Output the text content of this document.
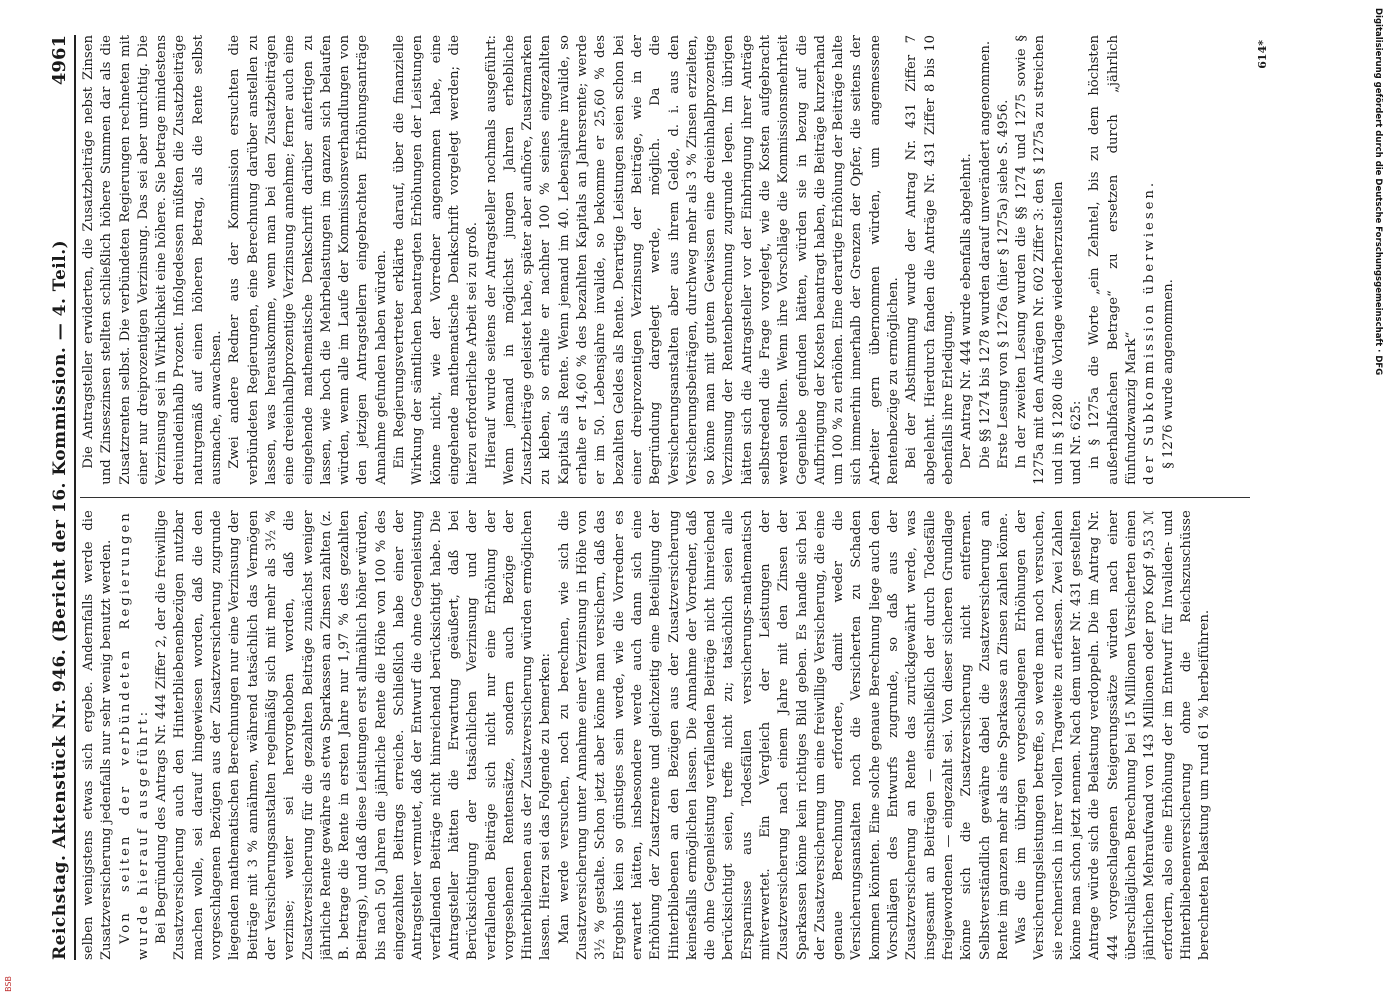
Reichstag. Aktenstück Nr. 946. (Bericht der 16. Kommission. — 4. Teil.)
4961

selben wenigstens etwas sich ergebe. Andernfalls werde die Zusatzversicherung jedenfalls nur sehr wenig benutzt werden. Von seiten der verbündeten Regierungen wurde hierauf ausgeführt: Bei Begründung des Antrags Nr. 444 Ziffer 2, der die freiwillige Zusatzversicherung auch den Hinterbliebenenbezügen nutzbar machen wolle, sei darauf hingewiesen worden, daß die den vorgeschlagenen Bezügen aus der Zusatzversicherung zugrunde liegenden mathematischen Berechnungen nur eine Verzinsung der Beiträge mit 3 % annähmen, während tatsächlich das Vermögen der Versicherungsanstalten regelmäßig sich mit mehr als 3½ % verzinse; weiter sei hervorgehoben worden, daß die Zusatzversicherung für die gezahlten Beiträge zunächst weniger jährliche Rente gewähre als etwa Sparkassen an Zinsen zahlten (z. B. betrage die Rente in ersten Jahre nur 1,97 % des gezahlten Beitrags), und daß diese Leistungen erst allmählich höher würden, bis nach 50 Jahren die jährliche Rente die Höhe von 100 % des eingezahlten Beitrags erreiche. Schließlich habe einer der Antragsteller vermutet, daß der Entwurf die ohne Gegenleistung verfallenden Beiträge nicht hinreichend berücksichtigt habe. Die Antragsteller hätten die Erwartung geäußert, daß bei Berücksichtigung der tatsächlichen Verzinsung und der verfallenden Beiträge sich nicht nur eine Erhöhung der vorgesehenen Rentensätze, sondern auch Bezüge der Hinterbliebenen aus der Zusatzversicherung würden ermöglichen lassen. Hierzu sei das Folgende zu bemerken: Man werde versuchen, noch zu berechnen, wie sich die Zusatzversicherung unter Annahme einer Verzinsung in Höhe von 3½ % gestalte. Schon jetzt aber könne man versichern, daß das Ergebnis kein so günstiges sein werde, wie die Vorredner es erwartet hätten, insbesondere werde auch dann sich eine Erhöhung der Zusatzrente und gleichzeitig eine Beteiligung der Hinterbliebenen an den Bezügen aus der Zusatzversicherung keinesfalls ermöglichen lassen. Die Annahme der Vorredner, daß die ohne Gegenleistung verfallenden Beiträge nicht hinreichend berücksichtigt seien, treffe nicht zu; tatsächlich seien alle Ersparnisse aus Todesfällen versicherungs-mathematisch mitverwertet. Ein Vergleich der Leistungen der Zusatzversicherung nach einem Jahre mit den Zinsen der Sparkassen könne kein richtiges Bild geben. Es handle sich bei der Zusatzversicherung um eine freiwillige Versicherung, die eine genaue Berechnung erfordere, damit weder die Versicherungsanstalten noch die Versicherten zu Schaden kommen könnten. Eine solche genaue Berechnung liege auch den Vorschlägen des Entwurfs zugrunde, so daß aus der Zusatzversicherung an Rente das zurückgewährt werde, was insgesamt an Beiträgen — einschließlich der durch Todesfälle freigewordenen — eingezahlt sei. Von dieser sicheren Grundlage könne sich die Zusatzversicherung nicht entfernen. Selbstverständlich gewähre dabei die Zusatzversicherung an Rente im ganzen mehr als eine Sparkasse an Zinsen zahlen könne. Was die im übrigen vorgeschlagenen Erhöhungen der Versicherungsleistungen betreffe, so werde man noch versuchen, sie rechnerisch in ihrer vollen Tragweite zu erfassen. Zwei Zahlen könne man schon jetzt nennen. Nach dem unter Nr. 431 gestellten Antrage würde sich die Belastung verdoppeln. Die im Antrag Nr. 444 vorgeschlagenen Steigerungssätze würden nach einer überschläglichen Berechnung bei 15 Millionen Versicherten einen jährlichen Mehraufwand von 143 Millionen oder pro Kopf 9,53 ℳ erfordern, also eine Erhöhung der im Entwurf für Invaliden- und Hinterbliebenenversicherung ohne die Reichszuschüsse berechneten Belastung um rund 61 % herbeiführen.

Die Antragsteller erwiderten, die Zusatzbeiträge nebst Zinsen und Zinseszinsen stellten schließlich höhere Summen dar als die Zusatzrenten selbst. Die verbündeten Regierungen rechneten mit einer nur dreiprozentigen Verzinsung. Das sei aber unrichtig. Die Verzinsung sei in Wirklichkeit eine höhere. Sie betrage mindestens dreiundeinhalb Prozent. Infolgedessen müßten die Zusatzbeiträge naturgemäß auf einen höheren Betrag, als die Rente selbst ausmache, anwachsen. Zwei andere Redner aus der Kommission ersuchten die verbündeten Regierungen, eine Berechnung darüber anstellen zu lassen, was herauskomme, wenn man bei den Zusatzbeiträgen eine dreieinhalbprozentige Verzinsung annehme; ferner auch eine eingehende mathematische Denkschrift darüber anfertigen zu lassen, wie hoch die Mehrbelastungen im ganzen sich belaufen würden, wenn alle im Laufe der Kommissionsverhandlungen von den jetzigen Antragstellern eingebrachten Erhöhungsanträge Annahme gefunden haben würden. Ein Regierungsvertreter erklärte darauf, über die finanzielle Wirkung der sämtlichen beantragten Erhöhungen der Leistungen könne nicht, wie der Vorredner angenommen habe, eine eingehende mathematische Denkschrift vorgelegt werden; die hierzu erforderliche Arbeit sei zu groß. Hierauf wurde seitens der Antragsteller nochmals ausgeführt: Wenn jemand in möglichst jungen Jahren erhebliche Zusatzbeiträge geleistet habe, später aber aufhöre, Zusatzmarken zu kleben, so erhalte er nachher 100 % seines eingezahlten Kapitals als Rente. Wenn jemand im 40. Lebensjahre invalide, so erhalte er 14,60 % des bezahlten Kapitals an Jahresrente; werde er im 50. Lebensjahre invalide, so bekomme er 25,60 % des bezahlten Geldes als Rente. Derartige Leistungen seien schon bei einer dreiprozentigen Verzinsung der Beiträge, wie in der Begründung dargelegt werde, möglich. Da die Versicherungsanstalten aber aus ihrem Gelde, d. i. aus den Versicherungsbeiträgen, durchweg mehr als 3 % Zinsen erzielten, so könne man mit gutem Gewissen eine dreieinhalbprozentige Verzinsung der Rentenberechnung zugrunde legen. Im übrigen hätten sich die Antragsteller vor der Einbringung ihrer Anträge selbstredend die Frage vorgelegt, wie die Kosten aufgebracht werden sollten. Wenn ihre Vorschläge die Kommissionsmehrheit Gegenliebe gefunden hätten, würden sie in bezug auf die Aufbringung der Kosten beantragt haben, die Beiträge kurzerhand um 100 % zu erhöhen. Eine derartige Erhöhung der Beiträge halte sich immerhin innerhalb der Grenzen der Opfer, die seitens der Arbeiter gern übernommen würden, um angemessene Rentenbezüge zu ermöglichen. Bei der Abstimmung wurde der Antrag Nr. 431 Ziffer 7 abgelehnt. Hierdurch fanden die Anträge Nr. 431 Ziffer 8 bis 10 ebenfalls ihre Erledigung. Der Antrag Nr. 444 wurde ebenfalls abgelehnt. Die §§ 1274 bis 1278 wurden darauf unverändert angenommen. Erste Lesung von § 1276a (hier § 1275a) siehe S. 4956. In der zweiten Lesung wurden die §§ 1274 und 1275 sowie § 1275a mit den Anträgen Nr. 602 Ziffer 3: den § 1275a zu streichen und in § 1280 die Vorlage wiederherzustellen und Nr. 625: in § 1275a die Worte „ein Zehntel, bis zu dem höchsten außerhalbfachen Betrage“ zu ersetzen durch „jährlich fünfundzwanzig Mark“ der Subkommission überwiesen. § 1276 wurde angenommen.

614*	Digitalisierung gefördert durch die Deutsche Forschungsgemeinschaft · DFG
BSB
